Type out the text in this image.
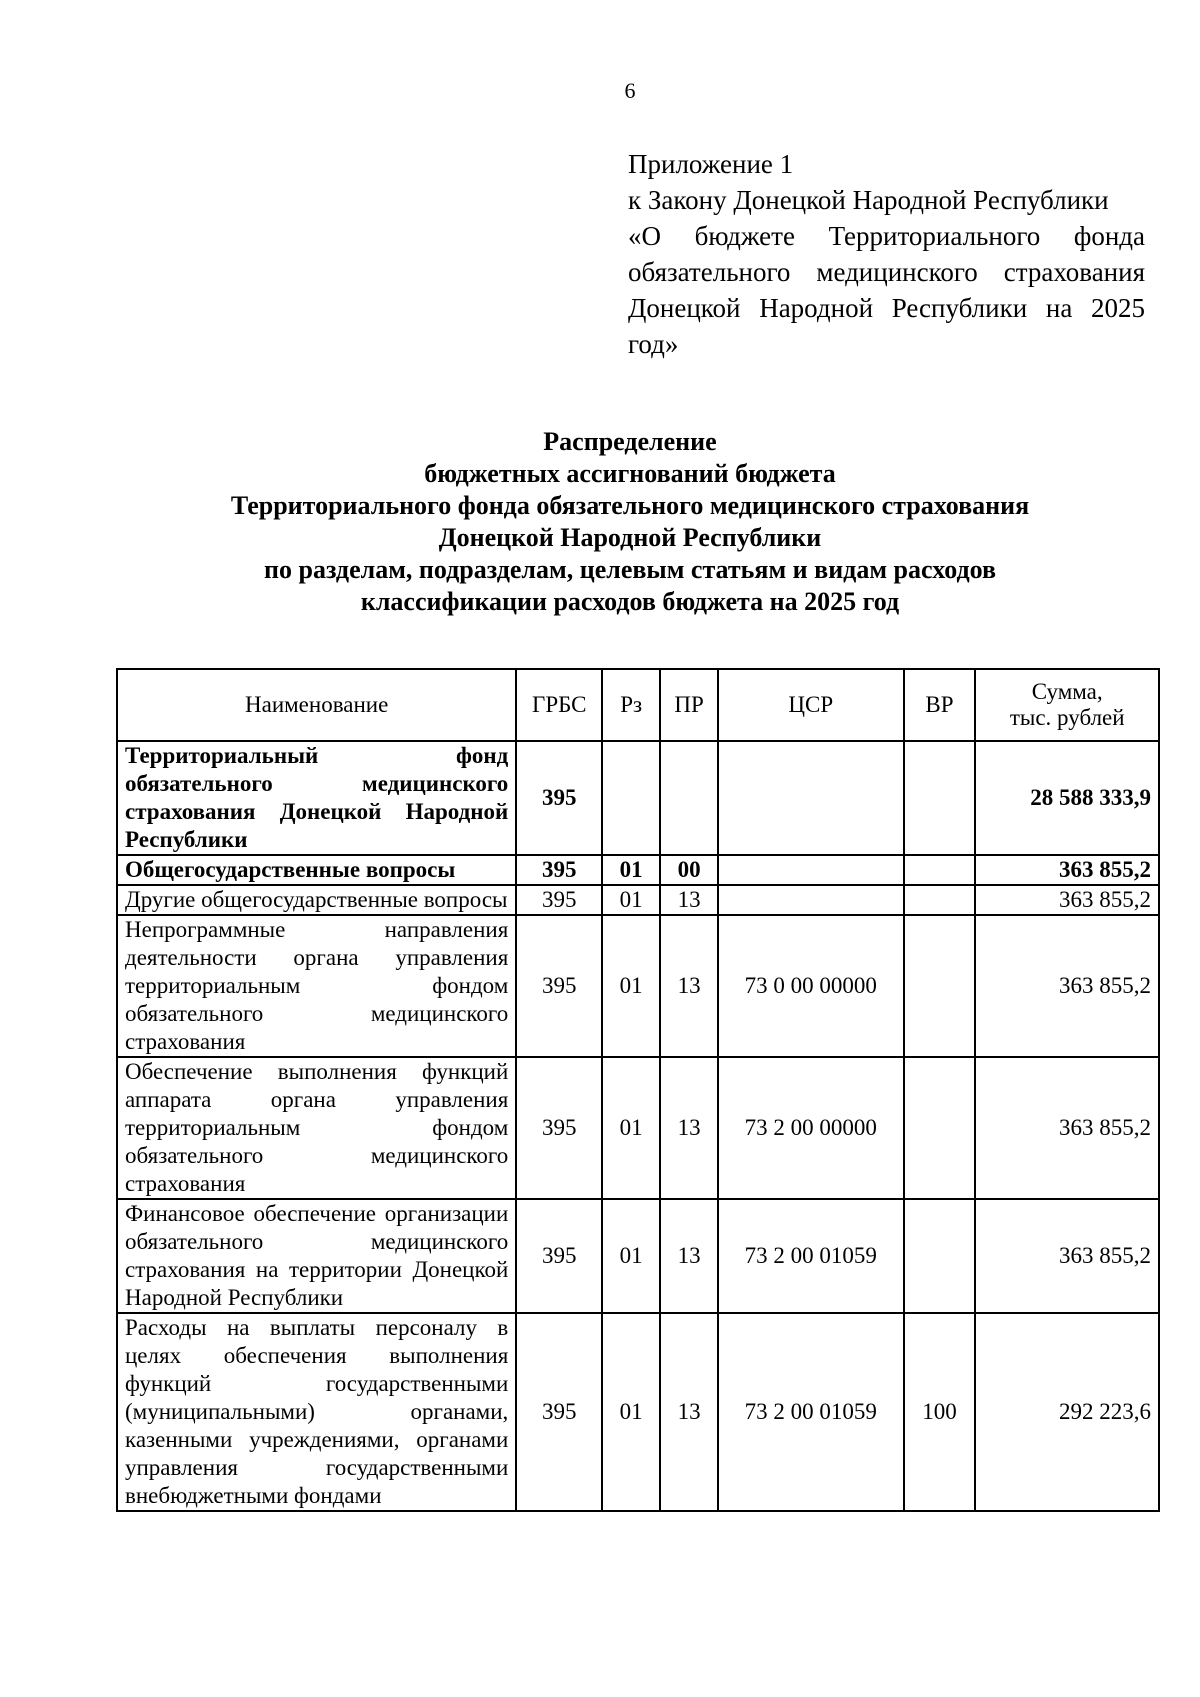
6
Приложение 1
к Закону Донецкой Народной Республики
«О бюджете Территориального фонда
обязательного медицинского страхования
Донецкой Народной Республики на 2025
год»
Распределение
бюджетных ассигнований бюджета
Территориального фонда обязательного медицинского страхования
Донецкой Народной Республики
по разделам, подразделам, целевым статьям и видам расходов
классификации расходов бюджета на 2025 год
Наименование	ГРБС	Рз	ПР	ЦСР	ВР	Сумма,
тыс. рублей

Территориальный фонд обязательного медицинского страхования Донецкой Народной Республики	395					28 588 333,9
Общегосударственные вопросы	395	01	00			363 855,2
Другие общегосударственные вопросы	395	01	13			363 855,2
Непрограммные направления деятельности органа управления территориальным фондом обязательного медицинского страхования	395	01	13	73 0 00 00000		363 855,2
Обеспечение выполнения функций аппарата органа управления территориальным фондом обязательного медицинского страхования	395	01	13	73 2 00 00000		363 855,2
Финансовое обеспечение организации обязательного медицинского страхования на территории Донецкой Народной Республики	395	01	13	73 2 00 01059		363 855,2
Расходы на выплаты персоналу в целях обеспечения выполнения функций государственными (муниципальными) органами, казенными учреждениями, органами управления государственными внебюджетными фондами	395	01	13	73 2 00 01059	100	292 223,6
